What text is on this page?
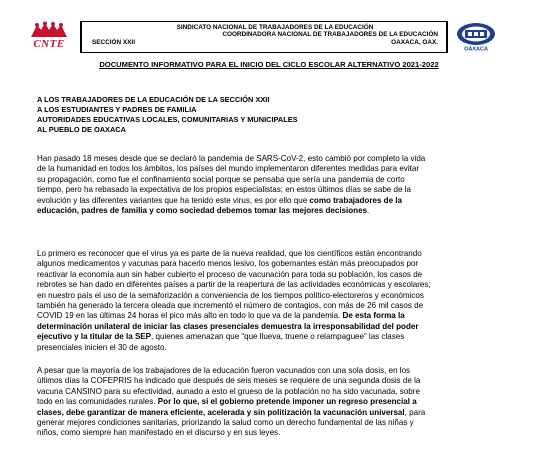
CNTE
SINDICATO NACIONAL DE TRABAJADORES DE LA EDUCACIÓN
COORDINADORA NACIONAL DE TRABAJADORES DE LA EDUCACIÓN
SECCIÓN XXII	OAXACA, OAX.
OAXACA
DOCUMENTO INFORMATIVO PARA EL INICIO DEL CICLO ESCOLAR ALTERNATIVO 2021-2022
A LOS TRABAJADORES DE LA EDUCACIÓN DE LA SECCIÓN XXII
A LOS ESTUDIANTES Y PADRES DE FAMILIA
AUTORIDADES EDUCATIVAS LOCALES, COMUNITARIAS Y MUNICIPALES
AL PUEBLO DE OAXACA
Han pasado 18 meses desde que se declaró la pandemia de SARS-CoV-2, esto cambió por completo la vida
de la humanidad en todos los ámbitos, los países del mundo implementaron diferentes medidas para evitar
su propagación, como fue el confinamiento social porque se pensaba que sería una pandemia de corto
tiempo, pero ha rebasado la expectativa de los propios especialistas; en estos últimos días se sabe de la
evolución y las diferentes variantes que ha tenido este virus, es por ello que como trabajadores de la
educación, padres de familia y como sociedad debemos tomar las mejores decisiones.
Lo primero es reconocer que el virus ya es parte de la nueva realidad, que los científicos están encontrando
algunos medicamentos y vacunas para hacerlo menos lesivo, los gobernantes están más preocupados por
reactivar la economía aun sin haber cubierto el proceso de vacunación para toda su población, los casos de
rebrotes se han dado en diferentes países a partir de la reapertura de las actividades económicas y escolares;
en nuestro país el uso de la semaforización a conveniencia de los tiempos político-electoreros y económicos
también ha generado la tercera oleada que incrementó el número de contagios, con más de 26 mil casos de
COVID 19 en las últimas 24 horas el pico más alto en todo lo que va de la pandemia. De esta forma la
determinación unilateral de iniciar las clases presenciales demuestra la irresponsabilidad del poder
ejecutivo y la titular de la SEP, quienes amenazan que “que llueva, truene o relampaguee” las clases
presenciales inicien el 30 de agosto.
A pesar que la mayoría de los trabajadores de la educación fueron vacunados con una sola dosis, en los
últimos días la COFEPRIS ha indicado que después de seis meses se requiere de una segunda dosis de la
vacuna CANSINO para su efectividad, aunado a esto el grueso de la población no ha sido vacunada, sobre
todo en las comunidades rurales. Por lo que, si el gobierno pretende imponer un regreso presencial a
clases, debe garantizar de manera eficiente, acelerada y sin politización la vacunación universal, para
generar mejores condiciones sanitarias, priorizando la salud como un derecho fundamental de las niñas y
niños, como siempre han manifestado en el discurso y en sus leyes.
